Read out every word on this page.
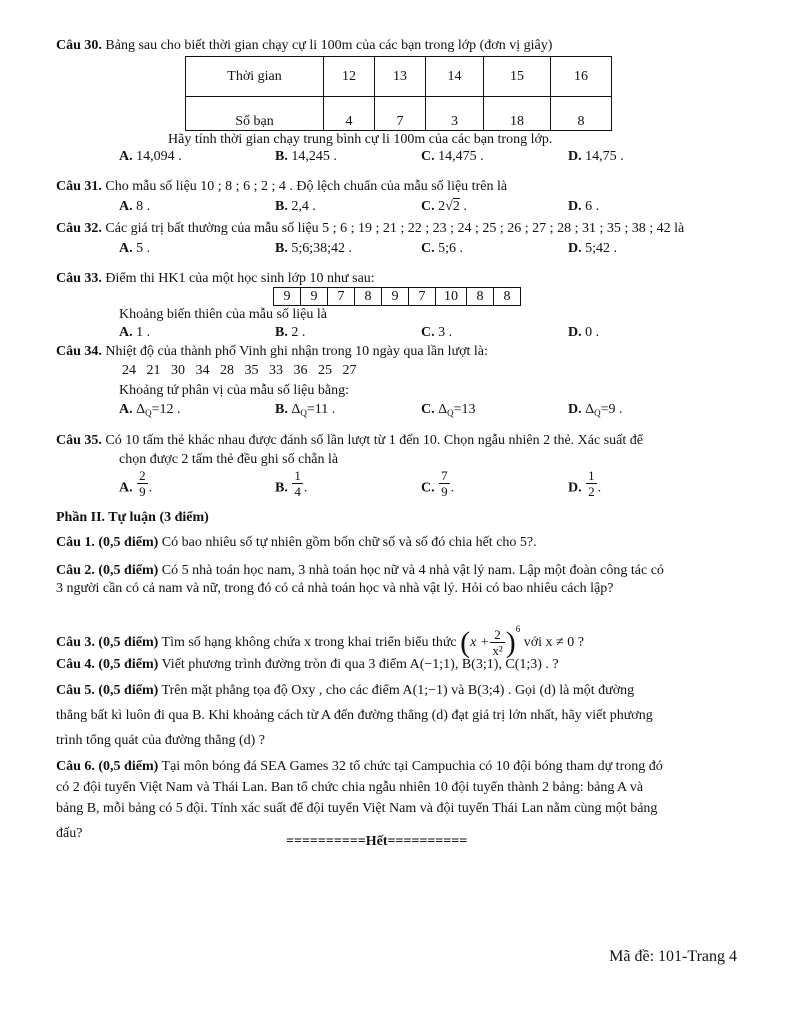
Câu 30. Bảng sau cho biết thời gian chạy cự li 100m của các bạn trong lớp (đơn vị giây)
Thời gian	12	13	14	15	16
Số bạn	4	7	3	18	8
Hãy tính thời gian chạy trung bình cự li 100m của các bạn trong lớp.
A. 14,094 .	B. 14,245 .	C. 14,475 .	D. 14,75 .
Câu 31. Cho mẫu số liệu 10 ; 8 ; 6 ; 2 ; 4 . Độ lệch chuẩn của mẫu số liệu trên là
A. 8 .	B. 2,4 .	C. 2√2 .	D. 6 .
Câu 32. Các giá trị bất thường của mẫu số liệu 5 ; 6 ; 19 ; 21 ; 22 ; 23 ; 24 ; 25 ; 26 ; 27 ; 28 ; 31 ; 35 ; 38 ; 42 là
A. 5 .	B. 5;6;38;42 .	C. 5;6 .	D. 5;42 .
Câu 33. Điểm thi HK1 của một học sinh lớp 10 như sau:
9	9	7	8	9	7	10	8	8
Khoảng biến thiên của mẫu số liệu là
A. 1 .	B. 2 .	C. 3 .	D. 0 .
Câu 34. Nhiệt độ của thành phố Vinh ghi nhận trong 10 ngày qua lần lượt là:
24   21   30   34   28   35   33   36   25   27
Khoảng tứ phân vị của mẫu số liệu bằng:
A. $\Delta_Q=12$ .	B. $\Delta_Q=11$ .	C. $\Delta_Q=13$	D. $\Delta_Q=9$ .
Câu 35. Có 10 tấm thẻ khác nhau được đánh số lần lượt từ 1 đến 10. Chọn ngẫu nhiên 2 thẻ. Xác suất để
chọn được 2 tấm thẻ đều ghi số chẵn là
A. $\frac{2}{9}$ .	B. $\frac{1}{4}$ .	C. $\frac{7}{9}$ .	D. $\frac{1}{2}$ .
Phần II. Tự luận (3 điểm)
Câu 1. (0,5 điểm) Có bao nhiêu số tự nhiên gồm bốn chữ số và số đó chia hết cho 5?.
Câu 2. (0,5 điểm) Có 5 nhà toán học nam, 3 nhà toán học nữ và 4 nhà vật lý nam. Lập một đoàn công tác có
3 người cần có cả nam và nữ, trong đó có cả nhà toán học và nhà vật lý. Hỏi có bao nhiêu cách lập?
Câu 3. (0,5 điểm) Tìm số hạng không chứa x trong khai triển biểu thức $(x + \frac{2}{\text{x²}} )^6$ với x ≠ 0 ?
Câu 4. (0,5 điểm) Viết phương trình đường tròn đi qua 3 điểm A(−1;1), B(3;1), C(1;3) . ?
Câu 5. (0,5 điểm) Trên mặt phẳng tọa độ Oxy , cho các điểm A(1;−1) và B(3;4) . Gọi (d) là một đường
thẳng bất kì luôn đi qua B. Khi khoảng cách từ A đến đường thẳng (d) đạt giá trị lớn nhất, hãy viết phương
trình tổng quát của đường thẳng (d) ?
Câu 6. (0,5 điểm) Tại môn bóng đá SEA Games 32 tổ chức tại Campuchia có 10 đội bóng tham dự trong đó
có 2 đội tuyển Việt Nam và Thái Lan. Ban tổ chức chia ngẫu nhiên 10 đội tuyển thành 2 bảng: bảng A và
bảng B, mỗi bảng có 5 đội. Tính xác suất để đội tuyển Việt Nam và đội tuyển Thái Lan nằm cùng một bảng
đấu?
==========Hết==========
Mã đề: 101-Trang 4
